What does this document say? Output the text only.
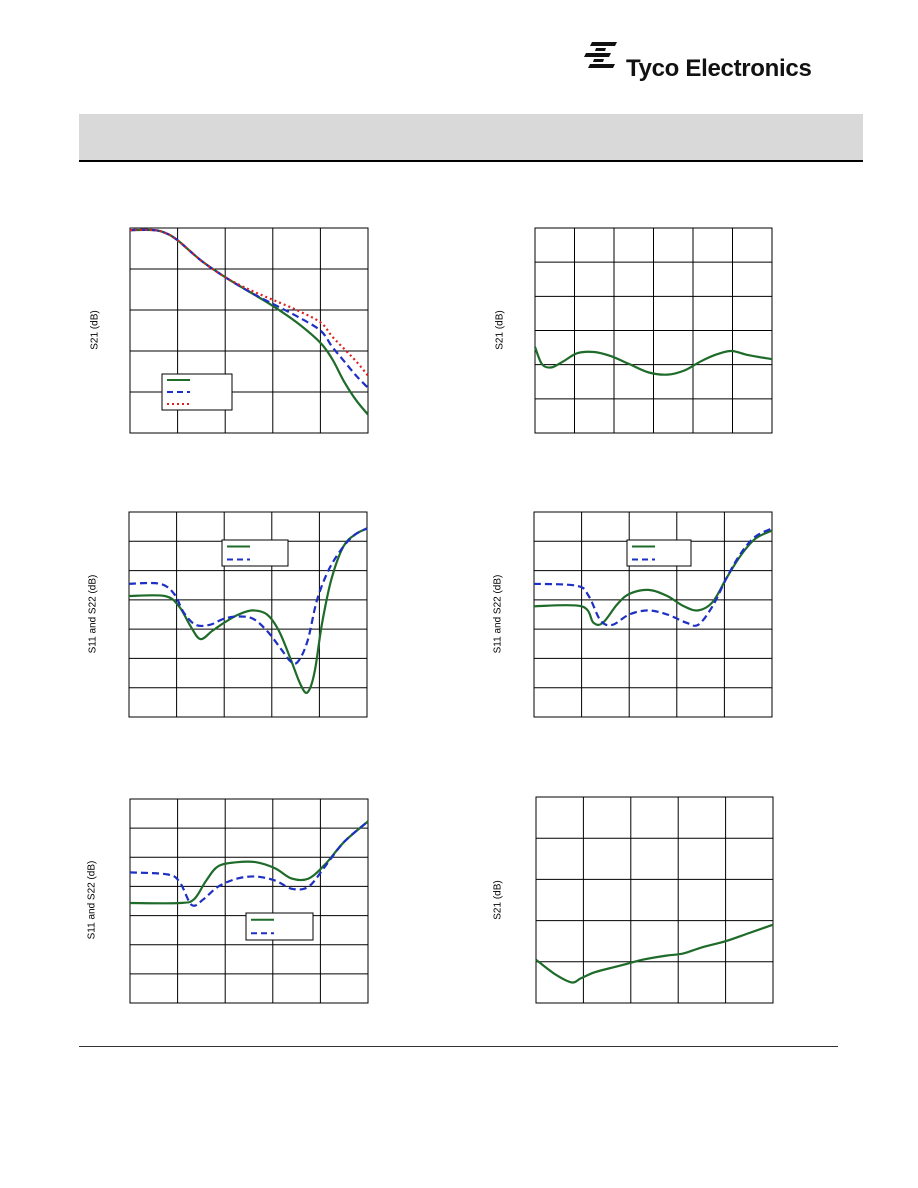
Tyco Electronics
S21 (dB)	S21 (dB)
S11 and S22 (dB)	S11 and S22 (dB)
S11 and S22 (dB)	S21 (dB)
